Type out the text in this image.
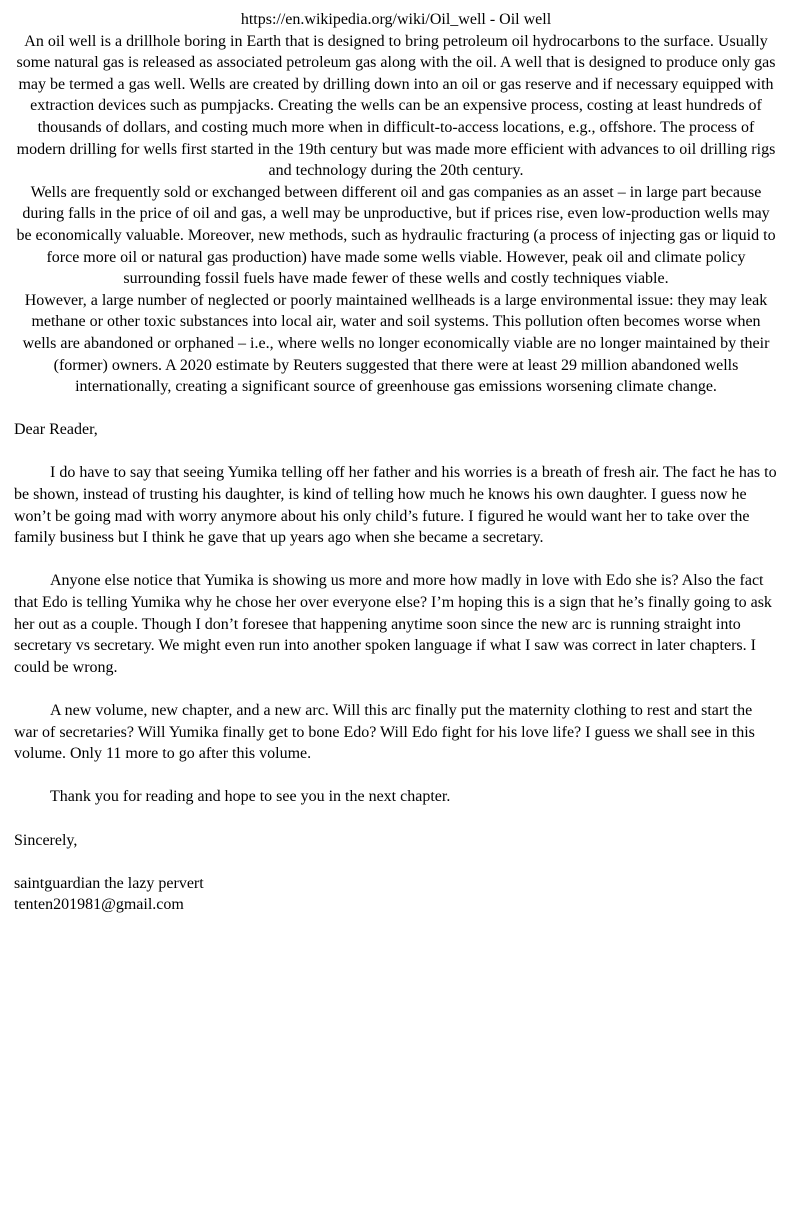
https://en.wikipedia.org/wiki/Oil_well - Oil well

An oil well is a drillhole boring in Earth that is designed to bring petroleum oil hydrocarbons to the surface. Usually some natural gas is released as associated petroleum gas along with the oil. A well that is designed to produce only gas may be termed a gas well. Wells are created by drilling down into an oil or gas reserve and if necessary equipped with extraction devices such as pumpjacks. Creating the wells can be an expensive process, costing at least hundreds of thousands of dollars, and costing much more when in difficult-to-access locations, e.g., offshore. The process of modern drilling for wells first started in the 19th century but was made more efficient with advances to oil drilling rigs and technology during the 20th century.

Wells are frequently sold or exchanged between different oil and gas companies as an asset – in large part because during falls in the price of oil and gas, a well may be unproductive, but if prices rise, even low-production wells may be economically valuable. Moreover, new methods, such as hydraulic fracturing (a process of injecting gas or liquid to force more oil or natural gas production) have made some wells viable. However, peak oil and climate policy surrounding fossil fuels have made fewer of these wells and costly techniques viable.

However, a large number of neglected or poorly maintained wellheads is a large environmental issue: they may leak methane or other toxic substances into local air, water and soil systems. This pollution often becomes worse when wells are abandoned or orphaned – i.e., where wells no longer economically viable are no longer maintained by their (former) owners. A 2020 estimate by Reuters suggested that there were at least 29 million abandoned wells internationally, creating a significant source of greenhouse gas emissions worsening climate change.

Dear Reader,

I do have to say that seeing Yumika telling off her father and his worries is a breath of fresh air. The fact he has to be shown, instead of trusting his daughter, is kind of telling how much he knows his own daughter. I guess now he won’t be going mad with worry anymore about his only child’s future. I figured he would want her to take over the family business but I think he gave that up years ago when she became a secretary.

Anyone else notice that Yumika is showing us more and more how madly in love with Edo she is? Also the fact that Edo is telling Yumika why he chose her over everyone else? I’m hoping this is a sign that he’s finally going to ask her out as a couple. Though I don’t foresee that happening anytime soon since the new arc is running straight into secretary vs secretary. We might even run into another spoken language if what I saw was correct in later chapters. I could be wrong.

A new volume, new chapter, and a new arc. Will this arc finally put the maternity clothing to rest and start the war of secretaries? Will Yumika finally get to bone Edo? Will Edo fight for his love life? I guess we shall see in this volume. Only 11 more to go after this volume.

Thank you for reading and hope to see you in the next chapter.

Sincerely,

saintguardian the lazy pervert

tenten201981@gmail.com
